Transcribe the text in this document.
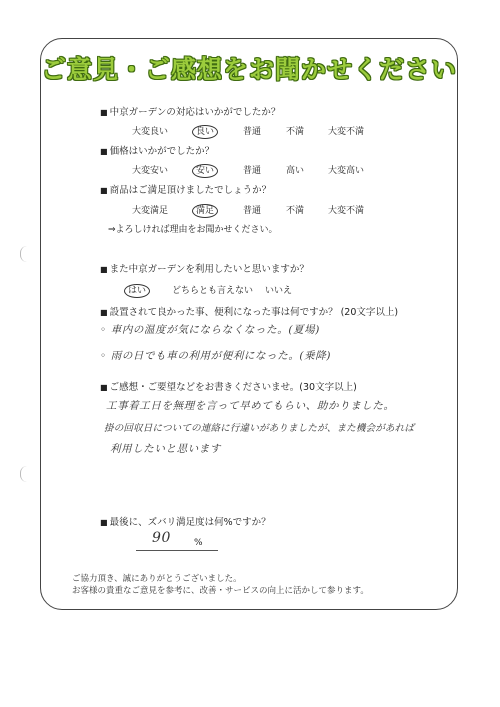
ご意見・ご感想をお聞かせください
■ 中京ガーデンの対応はいかがでしたか？
大変良い	良い	普通	不満	大変不満
■ 価格はいかがでしたか？
大変安い	安い	普通	高い	大変高い
■ 商品はご満足頂けましたでしょうか？
大変満足	満足	普通	不満	大変不満
⇒よろしければ理由をお聞かせください。
■ また中京ガーデンを利用したいと思いますか？
はい	どちらとも言えない いいえ
■ 設置されて良かった事、便利になった事は何ですか？ (20文字以上)
◦ 車内の温度が気にならなくなった。(夏場)
◦ 雨の日でも車の利用が便利になった。(乗降)
■ ご感想・ご要望などをお書きくださいませ。(30文字以上)
工事着工日を無理を言って早めてもらい、助かりました。
掛の回収日についての連絡に行違いがありましたが、また機会があれば
利用したいと思います
■ 最後に、ズバリ満足度は何%ですか？
90	%
ご協力頂き、誠にありがとうございました。
お客様の貴重なご意見を参考に、改善・サービスの向上に活かして参ります。
